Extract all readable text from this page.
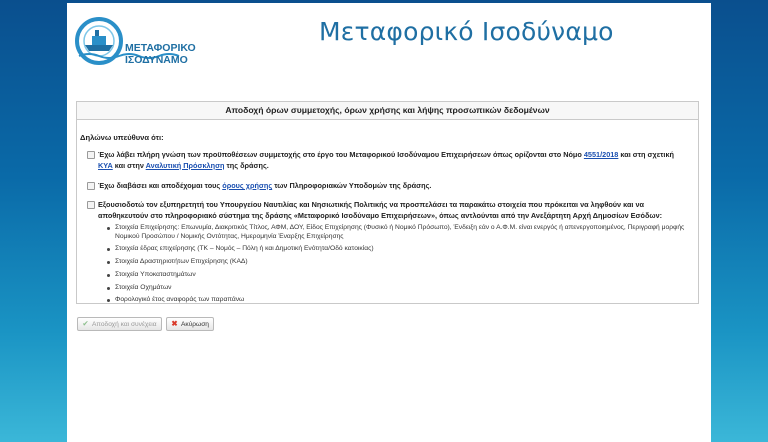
ΜΕΤΑΦΟΡΙΚΟ
ΙΣΟΔΥΝΑΜΟ
Μεταφορικό Ισοδύναμο
Αποδοχή όρων συμμετοχής, όρων χρήσης και λήψης προσωπικών δεδομένων
Δηλώνω υπεύθυνα ότι:
Έχω λάβει πλήρη γνώση των προϋποθέσεων συμμετοχής στο έργο του Μεταφορικού Ισοδύναμου Επιχειρήσεων όπως ορίζονται στο Νόμο 4551/2018 και στη σχετική ΚΥΑ και στην Αναλυτική Πρόσκληση της δράσης.
Έχω διαβάσει και αποδέχομαι τους όρους χρήσης των Πληροφοριακών Υποδομών της δράσης.
Εξουσιοδοτώ τον εξυπηρετητή του Υπουργείου Ναυτιλίας και Νησιωτικής Πολιτικής να προσπελάσει τα παρακάτω στοιχεία που πρόκειται να ληφθούν και να αποθηκευτούν στο πληροφοριακό σύστημα της δράσης «Μεταφορικό Ισοδύναμο Επιχειρήσεων», όπως αντλούνται από την Ανεξάρτητη Αρχή Δημοσίων Εσόδων:
Στοιχεία Επιχείρησης: Επωνυμία, Διακριτικός Τίτλος, ΑΦΜ, ΔΟΥ, Είδος Επιχείρησης (Φυσικό ή Νομικό Πρόσωπο), Ένδειξη εάν ο Α.Φ.Μ. είναι ενεργός ή απενεργοποιημένος, Περιγραφή μορφής Νομικού Προσώπου / Νομικής Οντότητας, Ημερομηνία Έναρξης Επιχείρησης
Στοιχεία έδρας επιχείρησης (ΤΚ – Νομός – Πόλη ή και Δημοτική Ενότητα/Οδό κατοικίας)
Στοιχεία Δραστηριοτήτων Επιχείρησης (ΚΑΔ)
Στοιχεία Υποκαταστημάτων
Στοιχεία Οχημάτων
Φορολογικό έτος αναφοράς των παραπάνω
✔ Αποδοχή και συνέχεια	✖ Ακύρωση
